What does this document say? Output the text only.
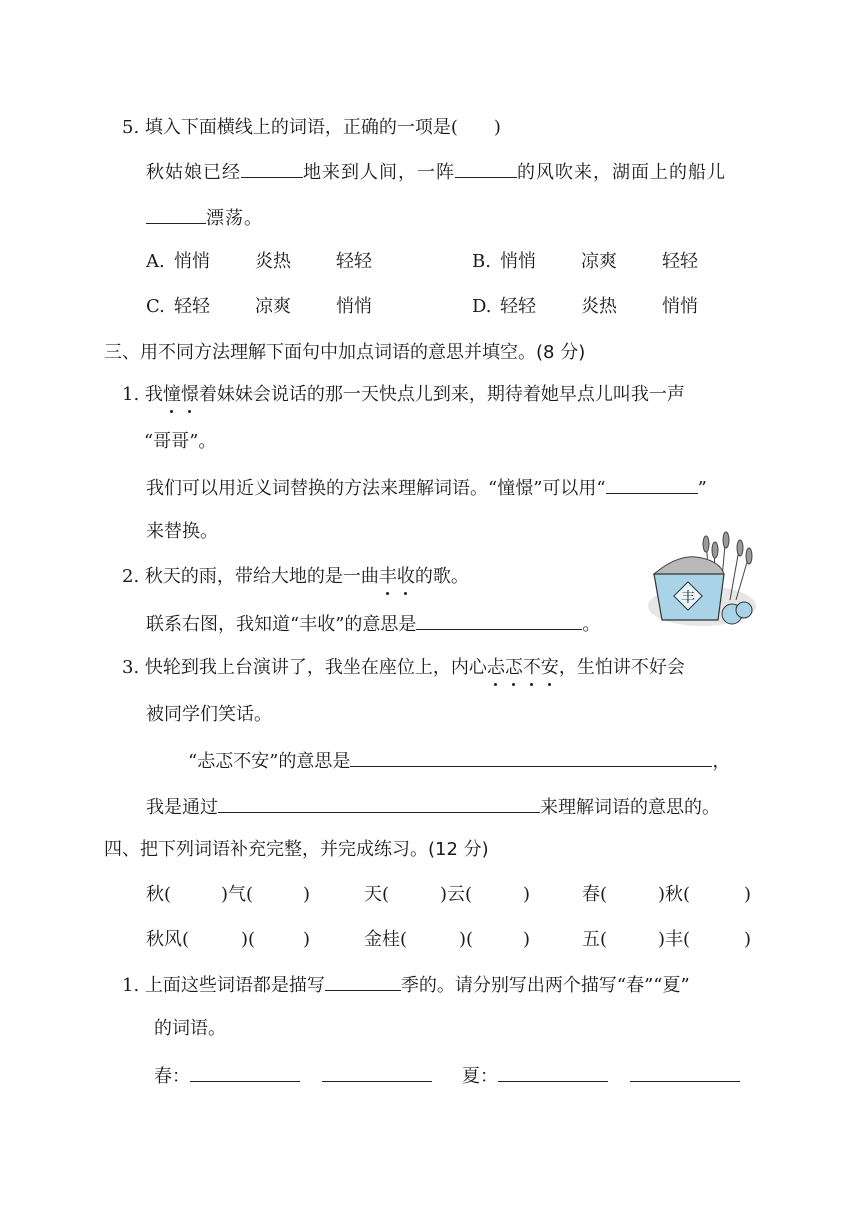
5. 填入下面横线上的词语，正确的一项是(　　)
秋姑娘已经	地来到人间，一阵	的风吹来，湖面上的船儿
漂荡。
A. 悄悄	炎热	轻轻	B. 悄悄	凉爽	轻轻
C. 轻轻	凉爽	悄悄	D. 轻轻	炎热	悄悄
三、用不同方法理解下面句中加点词语的意思并填空。(8 分)
1. 我憧憬着妹妹会说话的那一天快点儿到来，期待着她早点儿叫我一声
“哥哥”。
我们可以用近义词替换的方法来理解词语。“憧憬”可以用“	”
来替换。
2. 秋天的雨，带给大地的是一曲丰收的歌。
联系右图，我知道“丰收”的意思是	。
丰
3. 快轮到我上台演讲了，我坐在座位上，内心忐忑不安，生怕讲不好会
被同学们笑话。
“忐忑不安”的意思是	，
我是通过	来理解词语的意思的。
四、把下列词语补充完整，并完成练习。(12 分)
秋(	)气(	)	天(	)云(	)	春(	)秋(	)
秋风(	)(	)	金桂(	)(	)	五(	)丰(	)
1. 上面这些词语都是描写	季的。请分别写出两个描写“春”“夏”
的词语。
春：	夏：
